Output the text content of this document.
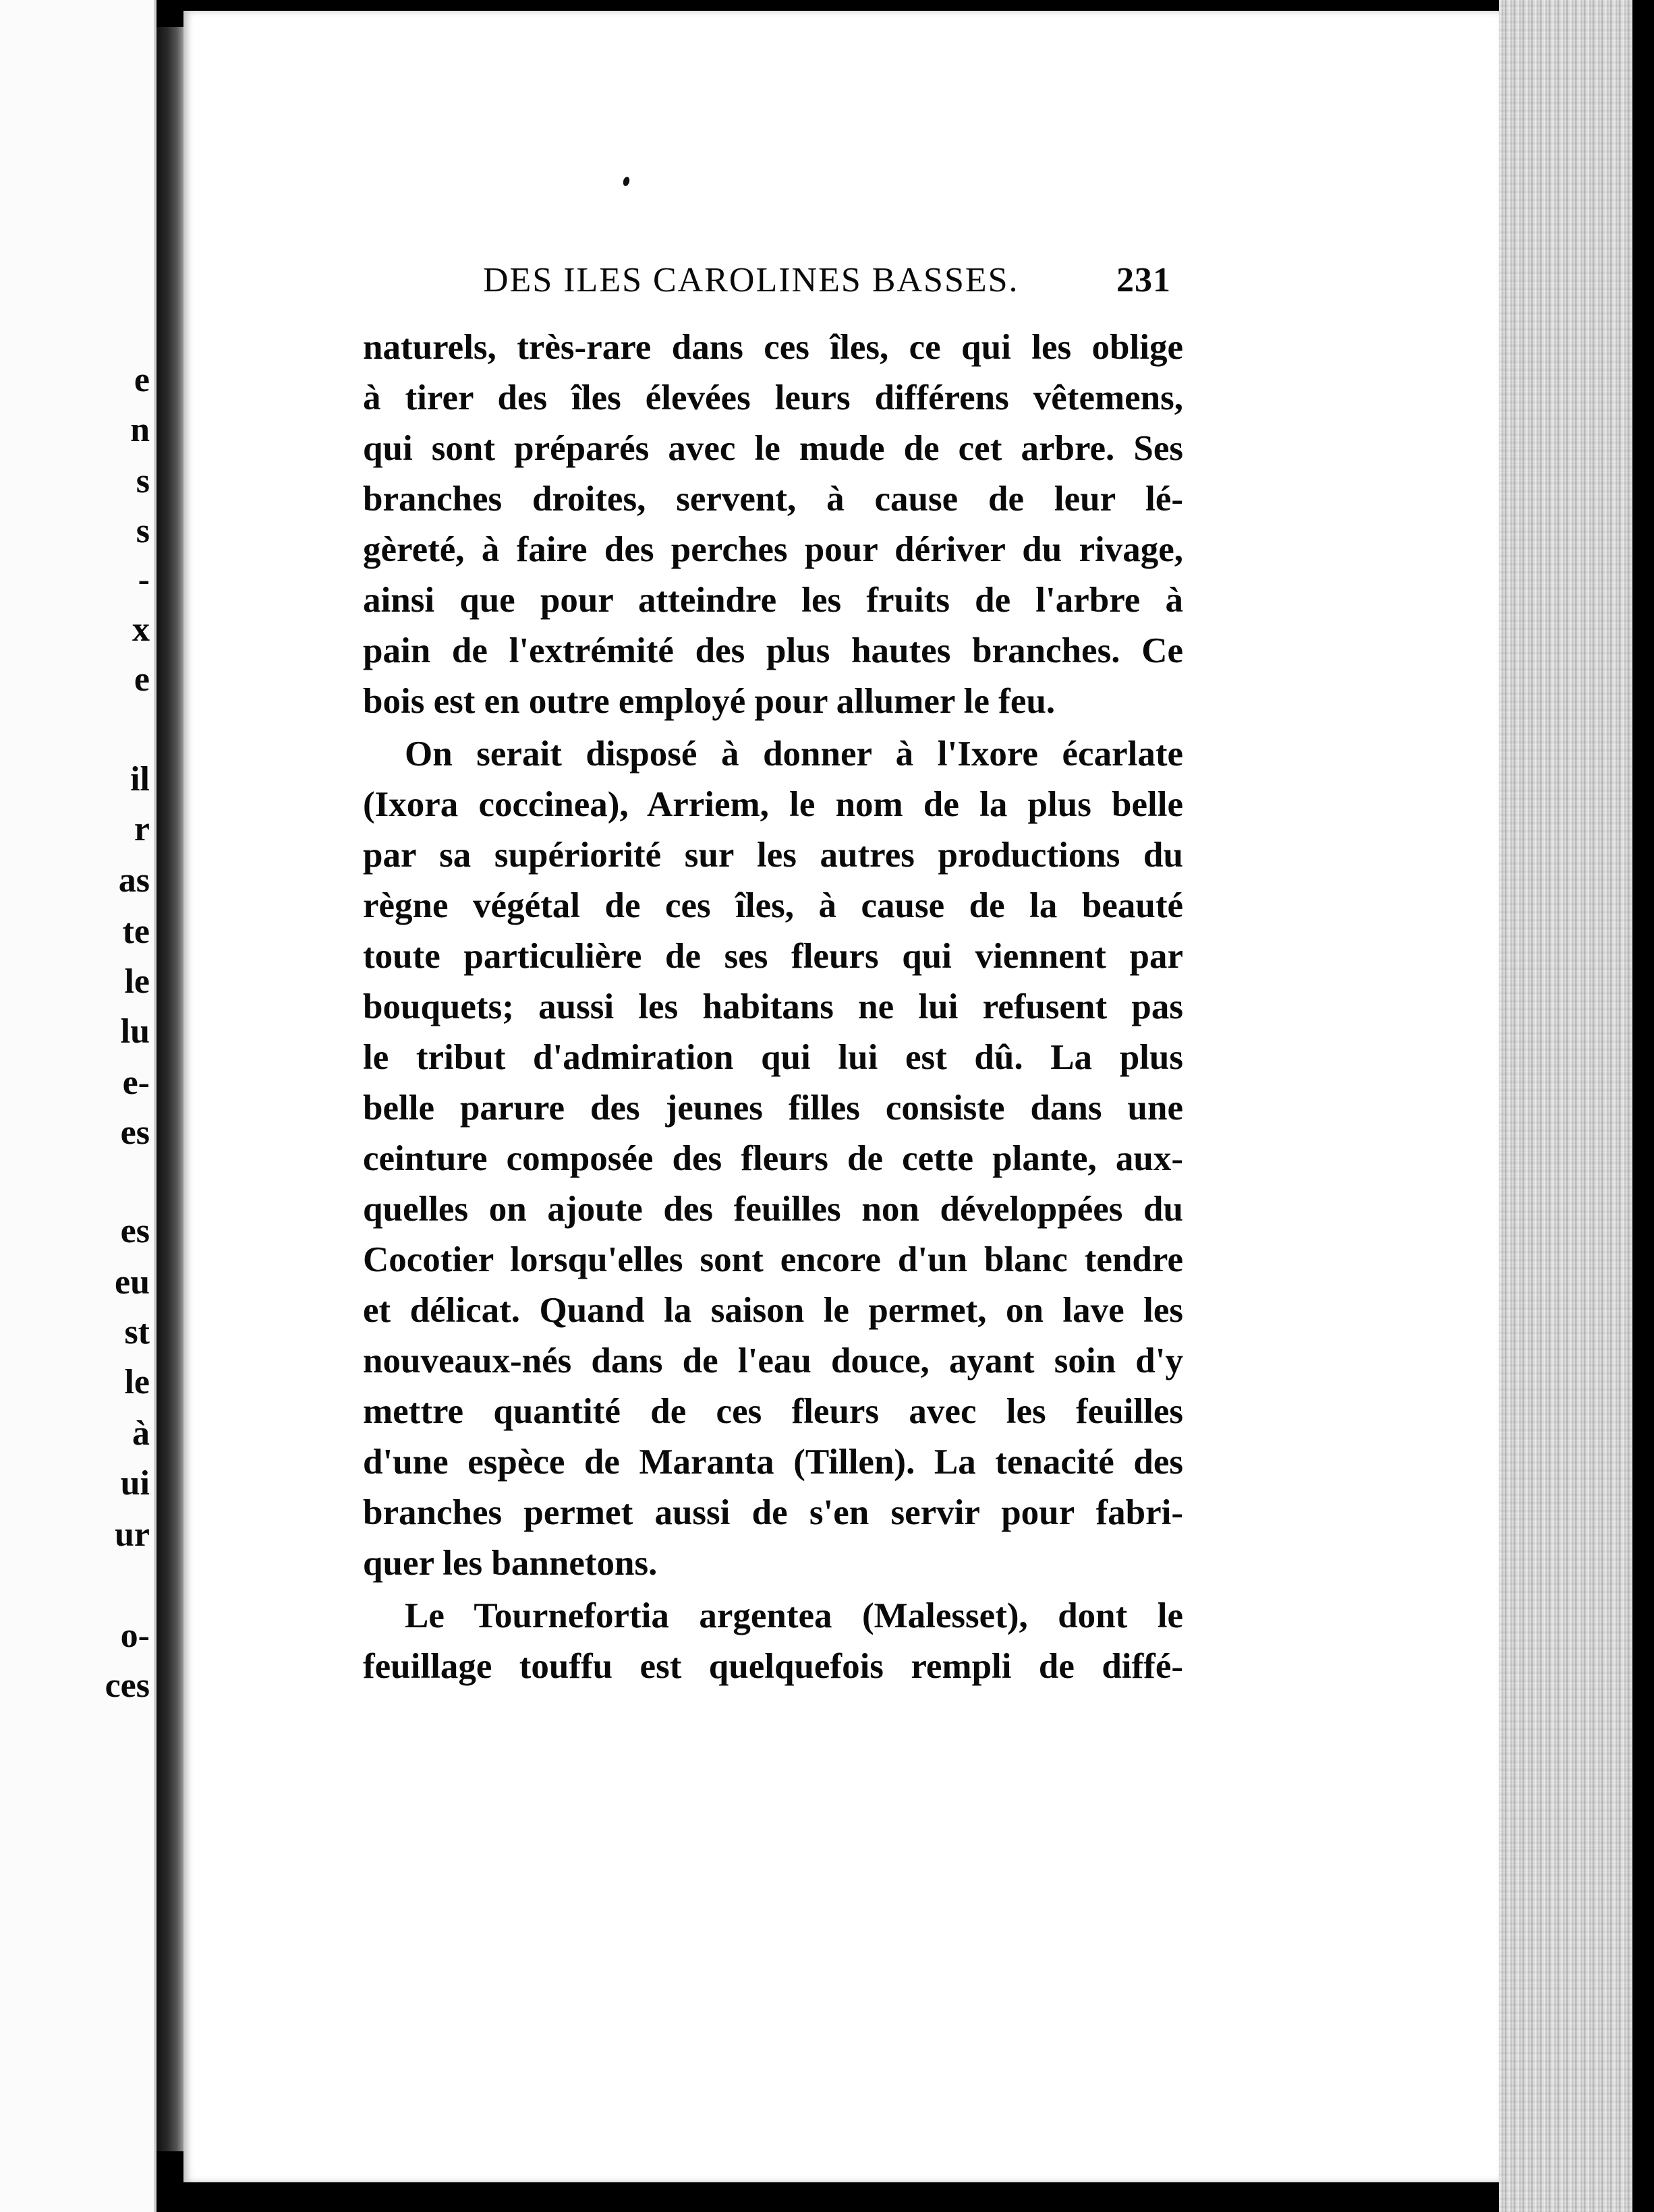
e
n
s
s
-
x
e
il
r
as
te
le
lu
e-
es
es
eu
st
le
à
ui
ur
o-
ces
DES ILES CAROLINES BASSES.	231
naturels, très-rare dans ces îles, ce qui les oblige
à tirer des îles élevées leurs différens vêtemens,
qui sont préparés avec le mude de cet arbre. Ses
branches droites, servent, à cause de leur lé-
gèreté, à faire des perches pour dériver du rivage,
ainsi que pour atteindre les fruits de l'arbre à
pain de l'extrémité des plus hautes branches. Ce
bois est en outre employé pour allumer le feu.
On serait disposé à donner à l'Ixore écarlate
(Ixora coccinea), Arriem, le nom de la plus belle
par sa supériorité sur les autres productions du
règne végétal de ces îles, à cause de la beauté
toute particulière de ses fleurs qui viennent par
bouquets; aussi les habitans ne lui refusent pas
le tribut d'admiration qui lui est dû. La plus
belle parure des jeunes filles consiste dans une
ceinture composée des fleurs de cette plante, aux-
quelles on ajoute des feuilles non développées du
Cocotier lorsqu'elles sont encore d'un blanc tendre
et délicat. Quand la saison le permet, on lave les
nouveaux-nés dans de l'eau douce, ayant soin d'y
mettre quantité de ces fleurs avec les feuilles
d'une espèce de Maranta (Tillen). La tenacité des
branches permet aussi de s'en servir pour fabri-
quer les bannetons.
Le Tournefortia argentea (Malesset), dont le
feuillage touffu est quelquefois rempli de diffé-
